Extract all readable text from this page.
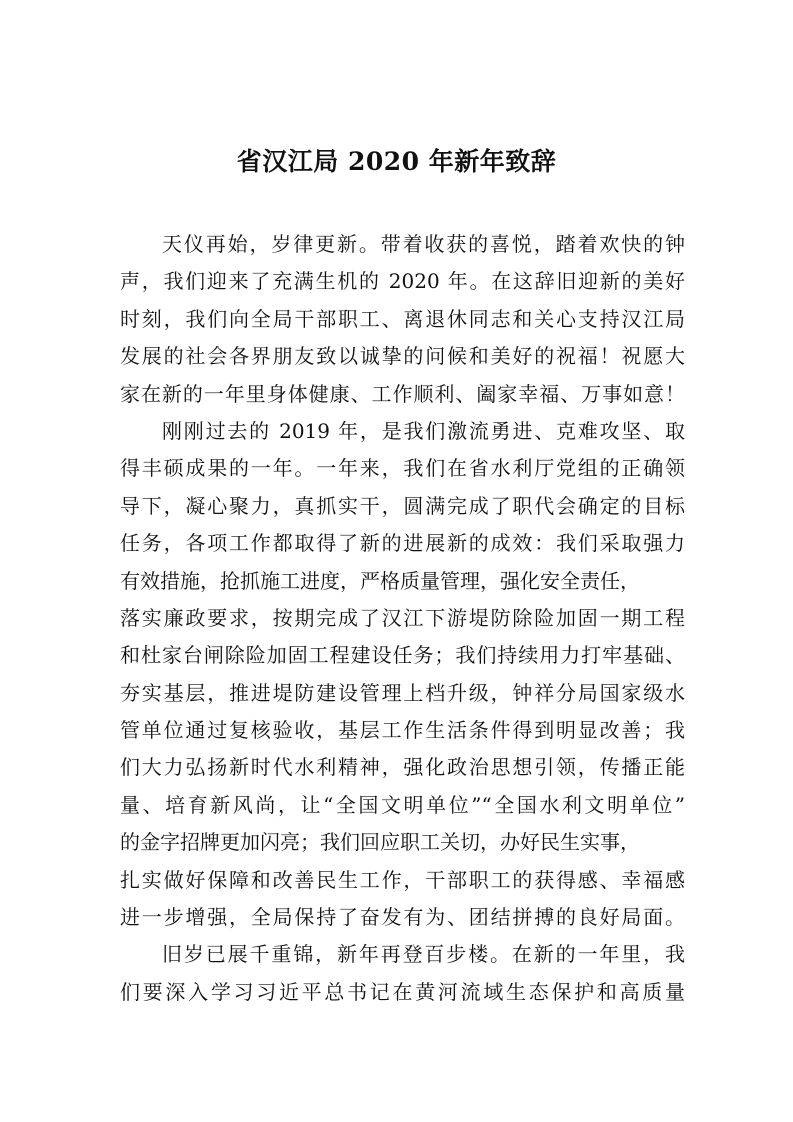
省汉江局 2020 年新年致辞
天仪再始，岁律更新。带着收获的喜悦，踏着欢快的钟
声，我们迎来了充满生机的 2020 年。在这辞旧迎新的美好
时刻，我们向全局干部职工、离退休同志和关心支持汉江局
发展的社会各界朋友致以诚挚的问候和美好的祝福！祝愿大
家在新的一年里身体健康、工作顺利、阖家幸福、万事如意！
刚刚过去的 2019 年，是我们激流勇进、克难攻坚、取
得丰硕成果的一年。一年来，我们在省水利厅党组的正确领
导下，凝心聚力，真抓实干，圆满完成了职代会确定的目标
任务，各项工作都取得了新的进展新的成效：我们采取强力
有效措施，抢抓施工进度，严格质量管理，强化安全责任，
落实廉政要求，按期完成了汉江下游堤防除险加固一期工程
和杜家台闸除险加固工程建设任务；我们持续用力打牢基础、
夯实基层，推进堤防建设管理上档升级，钟祥分局国家级水
管单位通过复核验收，基层工作生活条件得到明显改善；我
们大力弘扬新时代水利精神，强化政治思想引领，传播正能
量、培育新风尚，让“全国文明单位”“全国水利文明单位”
的金字招牌更加闪亮；我们回应职工关切，办好民生实事，
扎实做好保障和改善民生工作，干部职工的获得感、幸福感
进一步增强，全局保持了奋发有为、团结拼搏的良好局面。
旧岁已展千重锦，新年再登百步楼。在新的一年里，我
们要深入学习习近平总书记在黄河流域生态保护和高质量
